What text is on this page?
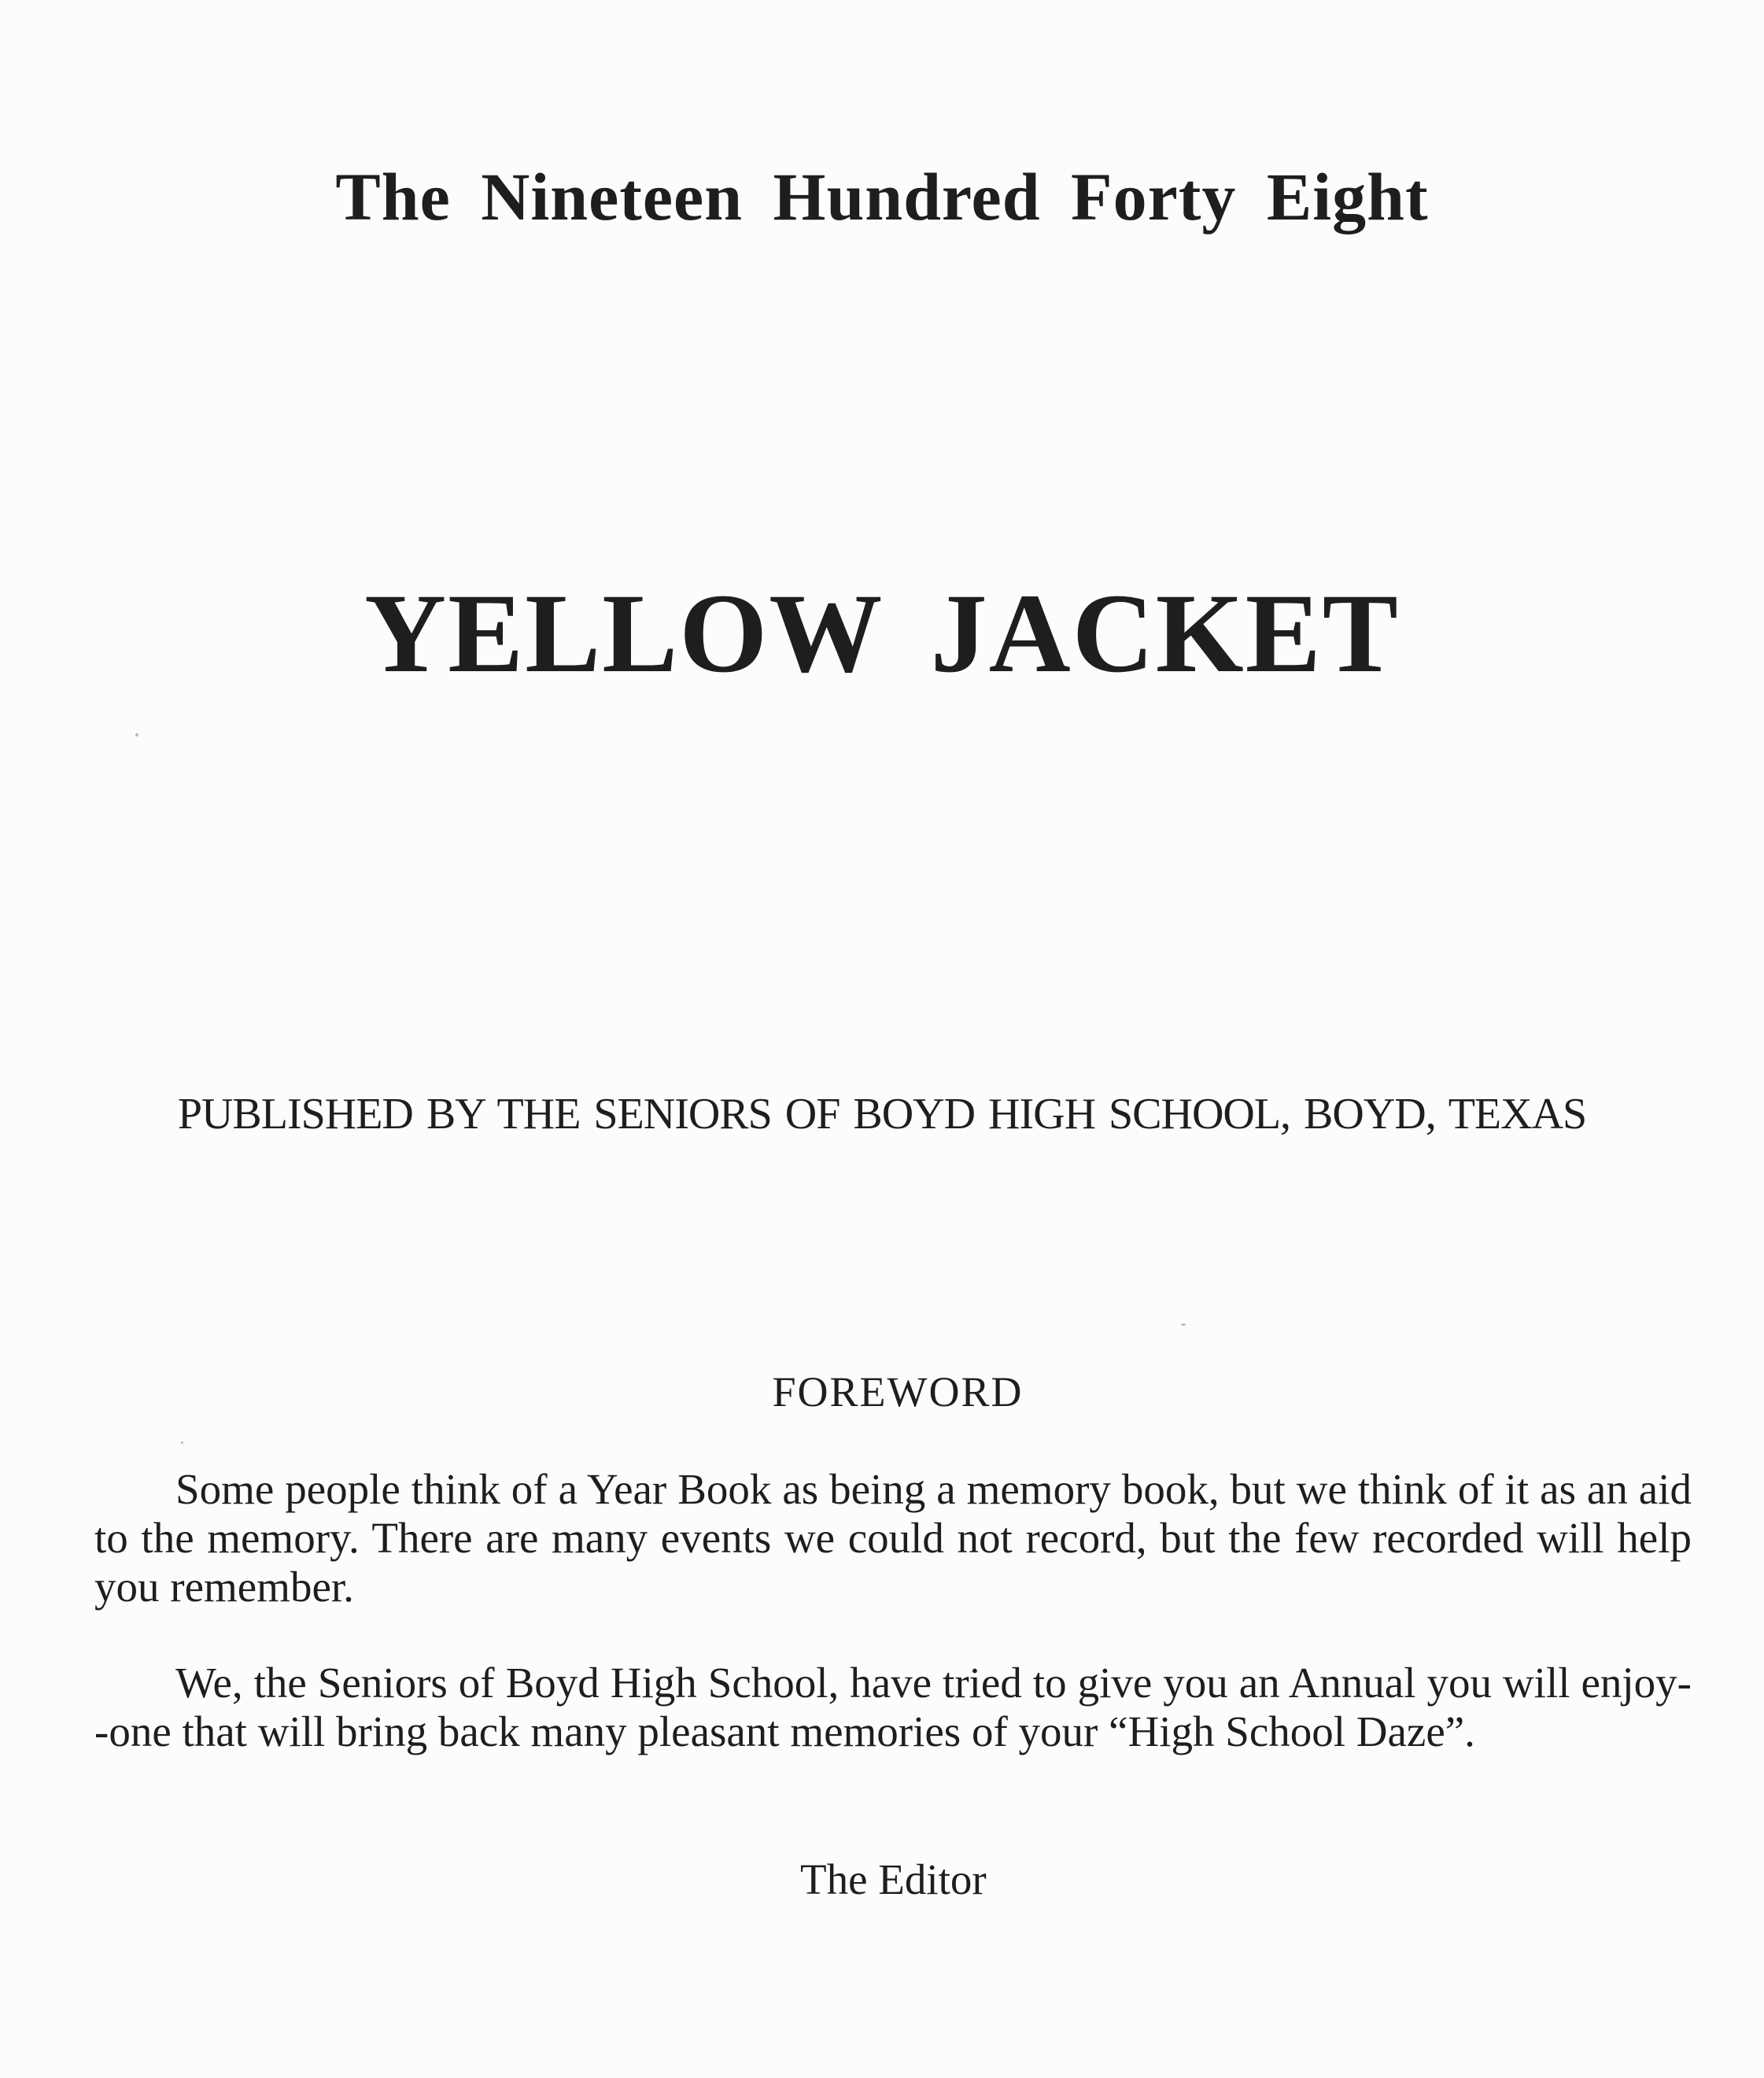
The Nineteen Hundred Forty Eight
YELLOW JACKET

PUBLISHED BY THE SENIORS OF BOYD HIGH SCHOOL, BOYD, TEXAS

FOREWORD

Some people think of a Year Book as being a memory book, but we think of it as an aid to the memory. There are many events we could not record, but the few recorded will help you remember.

We, the Seniors of Boyd High School, have tried to give you an Annual you will enjoy--one that will bring back many pleasant memories of your “High School Daze”.

The Editor
